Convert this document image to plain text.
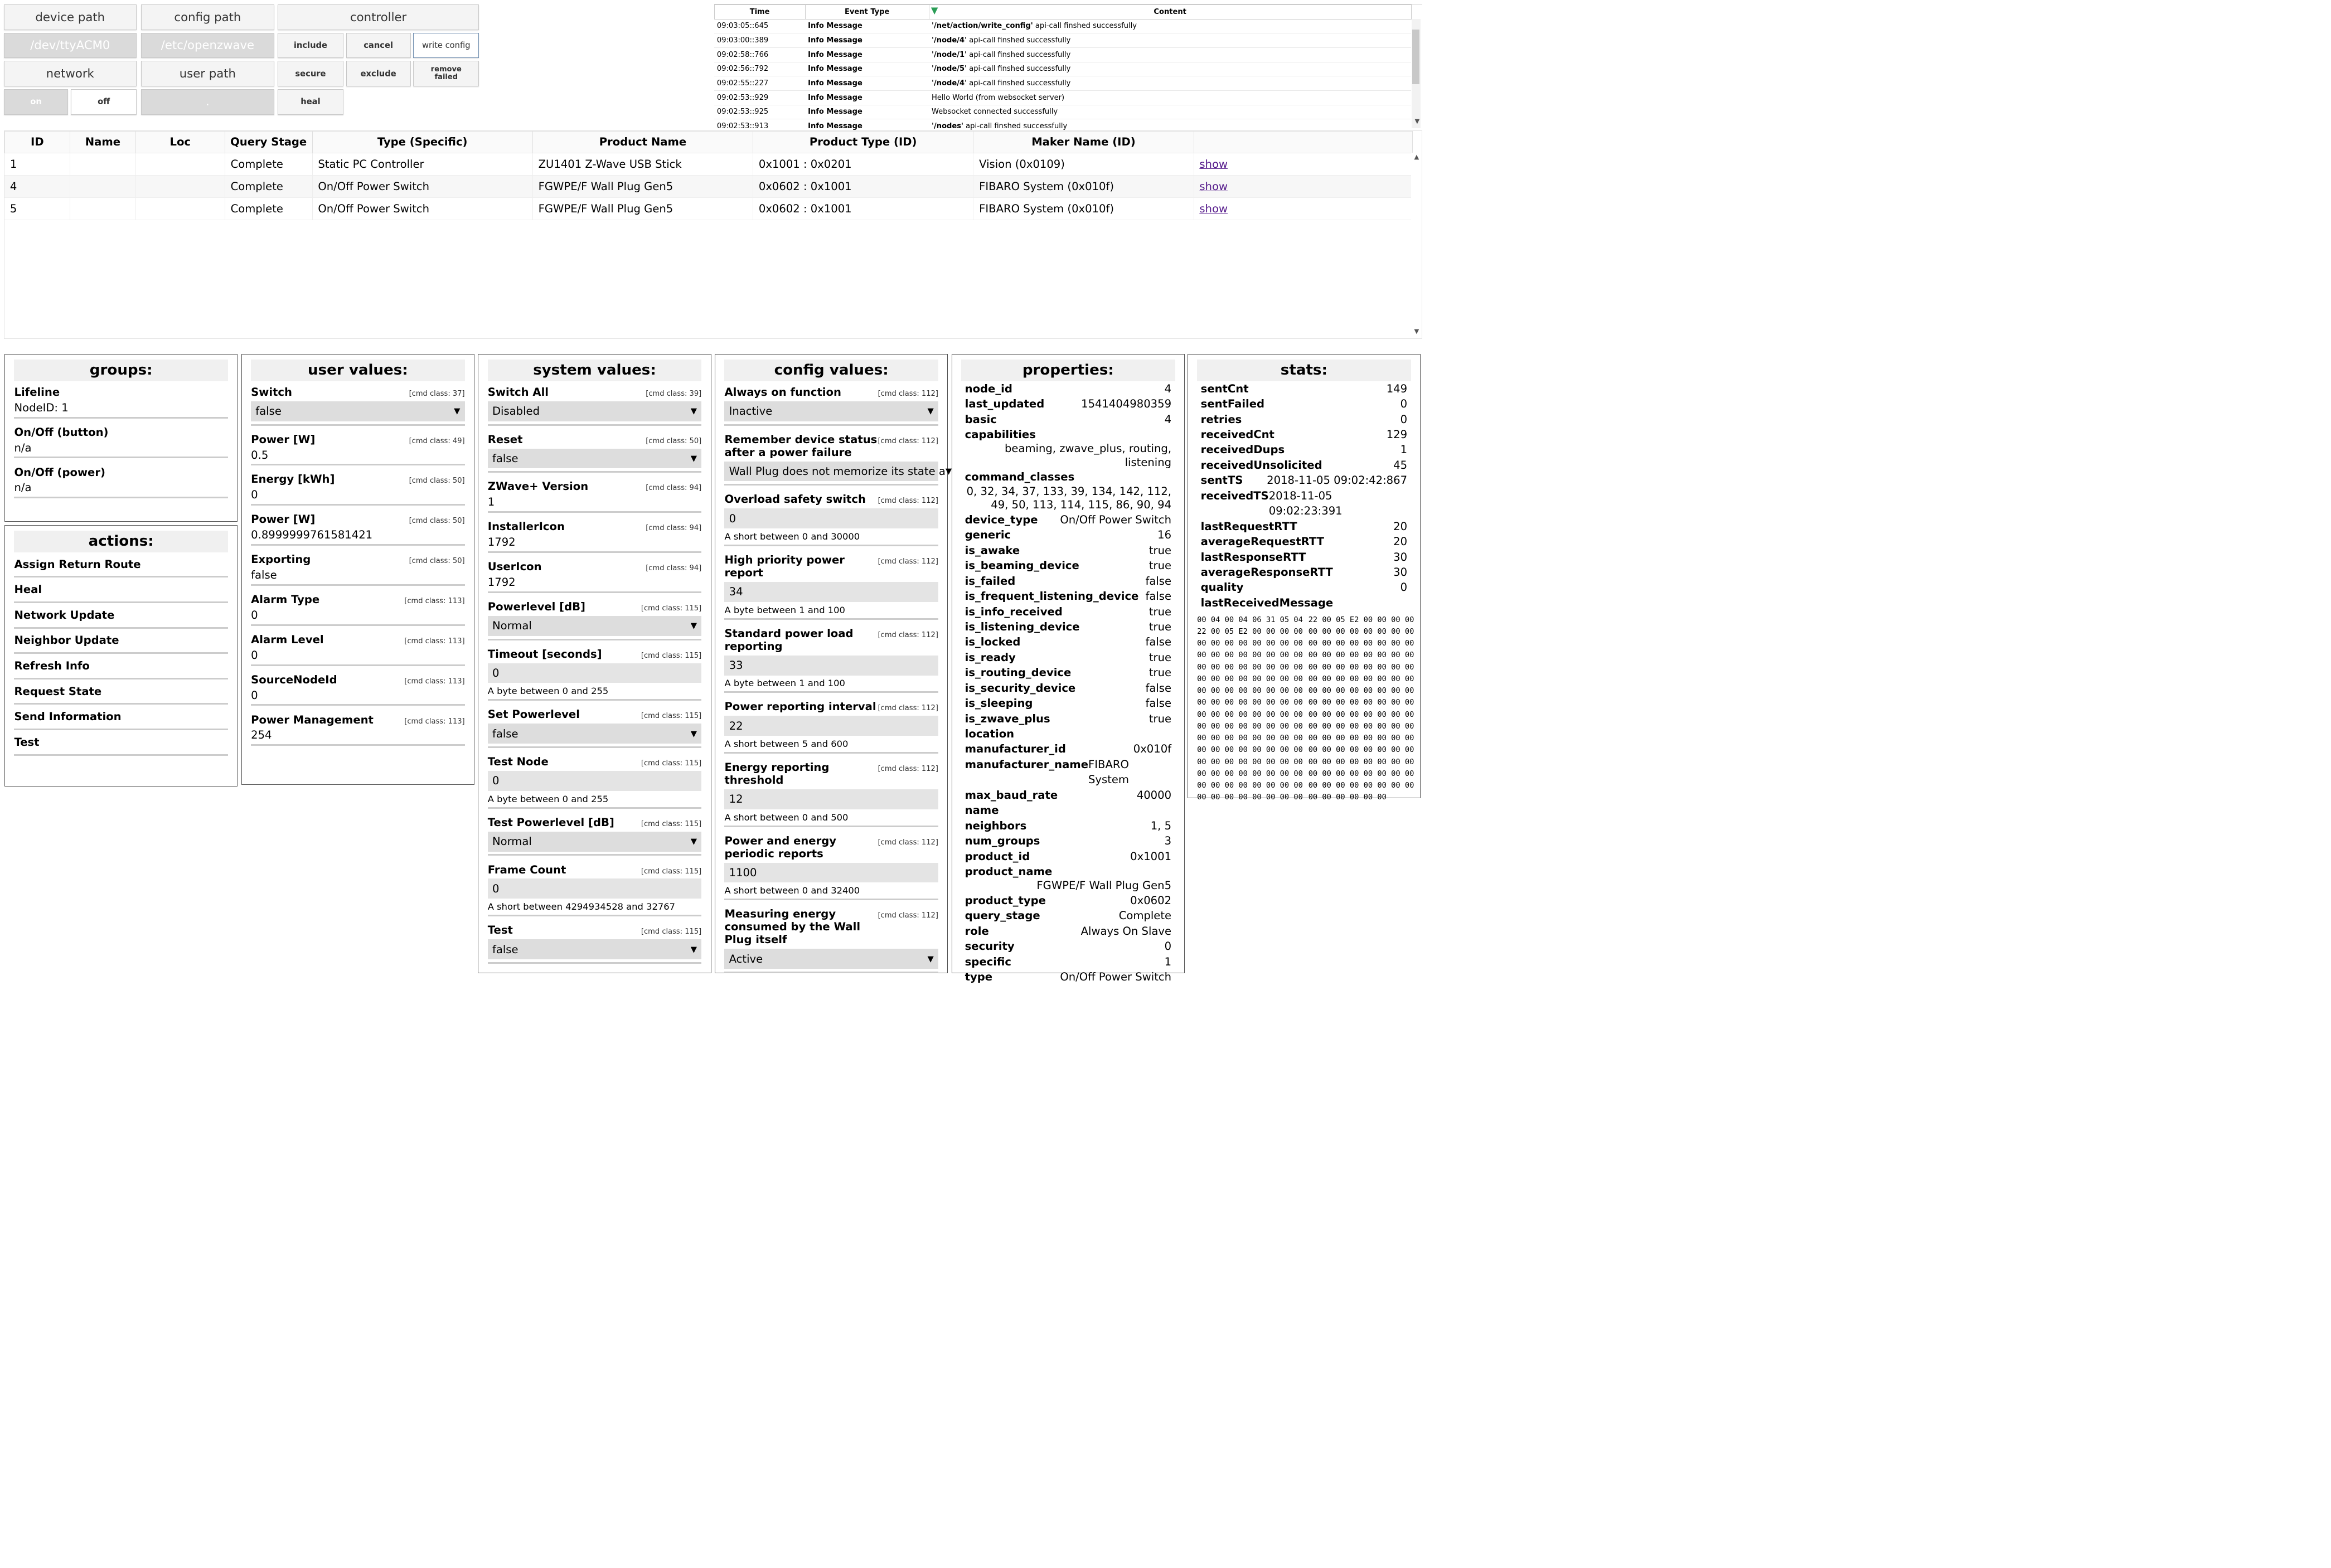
device path
/dev/ttyACM0
network
on	off
config path
/etc/openzwave
user path
.
controller
include	cancel	write config
secure	exclude	remove failed
heal
Time	Event Type	▼ Content
09:03:05::645	Info Message	'/net/action/write_config' api-call finshed successfully
09:03:00::389	Info Message	'/node/4' api-call finshed successfully
09:02:58::766	Info Message	'/node/1' api-call finshed successfully
09:02:56::792	Info Message	'/node/5' api-call finshed successfully
09:02:55::227	Info Message	'/node/4' api-call finshed successfully
09:02:53::929	Info Message	Hello World (from websocket server)
09:02:53::925	Info Message	Websocket connected successfully
09:02:53::913	Info Message	'/nodes' api-call finshed successfully
▼
ID	Name	Loc	Query Stage	Type (Specific)	Product Name	Product Type (ID)	Maker Name (ID)	
1			Complete	Static PC Controller	ZU1401 Z-Wave USB Stick	0x1001 : 0x0201	Vision (0x0109)	show
4			Complete	On/Off Power Switch	FGWPE/F Wall Plug Gen5	0x0602 : 0x1001	FIBARO System (0x010f)	show
5			Complete	On/Off Power Switch	FGWPE/F Wall Plug Gen5	0x0602 : 0x1001	FIBARO System (0x010f)	show
▲
▼
groups:
Lifeline
NodeID: 1
On/Off (button)
n/a
On/Off (power)
n/a
actions:
Assign Return Route
Heal
Network Update
Neighbor Update
Refresh Info
Request State
Send Information
Test
user values:
Switch	[cmd class: 37]
false	▼
Power [W]	[cmd class: 49]
0.5
Energy [kWh]	[cmd class: 50]
0
Power [W]	[cmd class: 50]
0.8999999761581421
Exporting	[cmd class: 50]
false
Alarm Type	[cmd class: 113]
0
Alarm Level	[cmd class: 113]
0
SourceNodeId	[cmd class: 113]
0
Power Management	[cmd class: 113]
254
system values:
Switch All	[cmd class: 39]
Disabled	▼
Reset	[cmd class: 50]
false	▼
ZWave+ Version	[cmd class: 94]
1
InstallerIcon	[cmd class: 94]
1792
UserIcon	[cmd class: 94]
1792
Powerlevel [dB]	[cmd class: 115]
Normal	▼
Timeout [seconds]	[cmd class: 115]
0
A byte between 0 and 255
Set Powerlevel	[cmd class: 115]
false	▼
Test Node	[cmd class: 115]
0
A byte between 0 and 255
Test Powerlevel [dB]	[cmd class: 115]
Normal	▼
Frame Count	[cmd class: 115]
0
A short between 4294934528 and 32767
Test	[cmd class: 115]
false	▼
config values:
Always on function	[cmd class: 112]
Inactive	▼
Remember device status after a power failure
[cmd class: 112]
Wall Plug does not memorize its state a ▼
Overload safety switch	[cmd class: 112]
0
A short between 0 and 30000
High priority power report
[cmd class: 112]
34
A byte between 1 and 100
Standard power load reporting
[cmd class: 112]
33
A byte between 1 and 100
Power reporting interval [cmd class: 112]
22
A short between 5 and 600
Energy reporting threshold
[cmd class: 112]
12
A short between 0 and 500
Power and energy periodic reports
[cmd class: 112]
1100
A short between 0 and 32400
Measuring energy consumed by the Wall Plug itself
[cmd class: 112]
Active	▼
properties:
node_id	4
last_updated	1541404980359
basic	4
capabilities
beaming, zwave_plus, routing, listening
command_classes
0, 32, 34, 37, 133, 39, 134, 142, 112, 49, 50, 113, 114, 115, 86, 90, 94
device_type	On/Off Power Switch
generic	16
is_awake	true
is_beaming_device	true
is_failed	false
is_frequent_listening_device false
is_info_received	true
is_listening_device	true
is_locked	false
is_ready	true
is_routing_device	true
is_security_device	false
is_sleeping	false
is_zwave_plus	true
location
manufacturer_id	0x010f
manufacturer_name FIBARO System
max_baud_rate	40000
name
neighbors	1, 5
num_groups	3
product_id	0x1001
product_name
FGWPE/F Wall Plug Gen5
product_type	0x0602
query_stage	Complete
role	Always On Slave
security	0
specific	1
type	On/Off Power Switch
stats:
sentCnt	149
sentFailed	0
retries	0
receivedCnt	129
receivedDups	1
receivedUnsolicited	45
sentTS	2018-11-05 09:02:42:867
receivedTS 2018-11-05 09:02:23:391
lastRequestRTT	20
averageRequestRTT	20
lastResponseRTT	30
averageResponseRTT	30
quality	0
lastReceivedMessage
00 04 00 04 06 31 05 04
22 00 05 E2 00 00 00 00
00 00 00 00 00 00 00 00
00 00 00 00 00 00 00 00
00 00 00 00 00 00 00 00
00 00 00 00 00 00 00 00
00 00 00 00 00 00 00 00
00 00 00 00 00 00 00 00
00 00 00 00 00 00 00 00
00 00 00 00 00 00 00 00
00 00 00 00 00 00 00 00
00 00 00 00 00 00 00 00
00 00 00 00 00 00 00 00
00 00 00 00 00 00 00 00
00 00 00 00 00 00 00 00
00 00 00 00 00 00 00 00
22 00 05 E2 00 00 00 00
00 00 00 00 00 00 00 00
00 00 00 00 00 00 00 00
00 00 00 00 00 00 00 00
00 00 00 00 00 00 00 00
00 00 00 00 00 00 00 00
00 00 00 00 00 00 00 00
00 00 00 00 00 00 00 00
00 00 00 00 00 00 00 00
00 00 00 00 00 00 00 00
00 00 00 00 00 00 00 00
00 00 00 00 00 00 00 00
00 00 00 00 00 00 00 00
00 00 00 00 00 00 00 00
00 00 00 00 00 00 00 00
00 00 00 00 00 00
